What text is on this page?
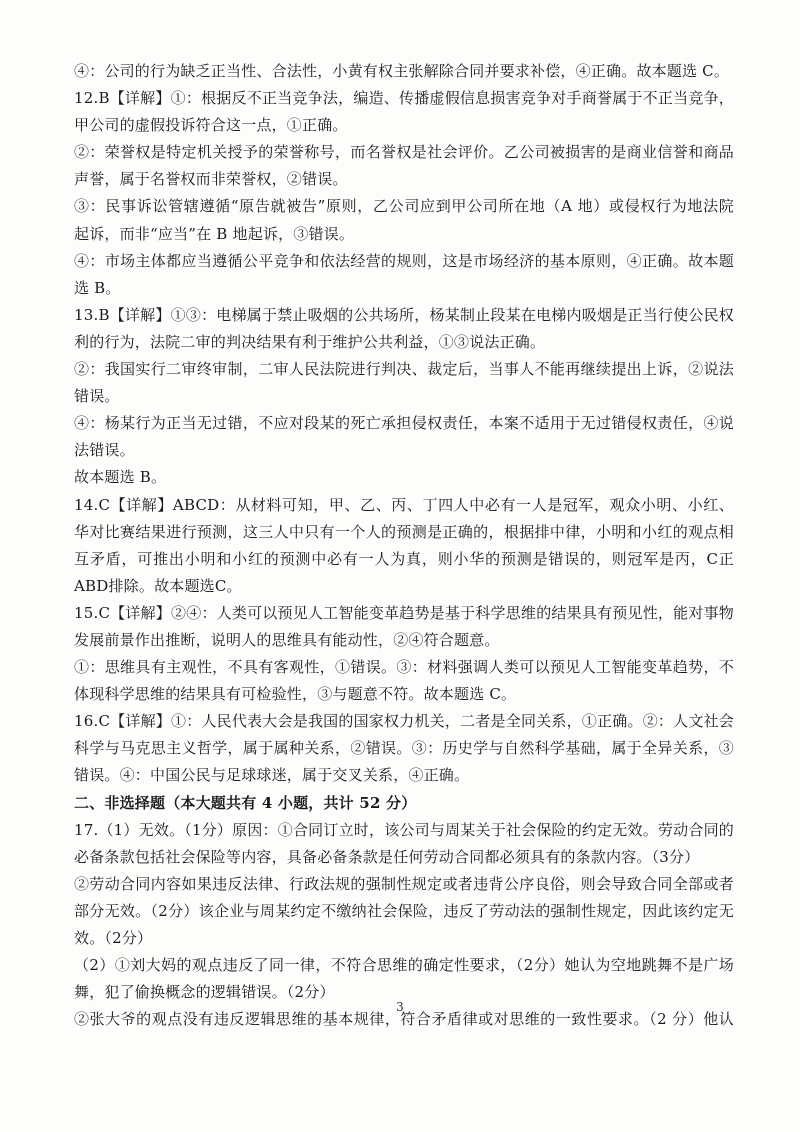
④：公司的行为缺乏正当性、合法性，小黄有权主张解除合同并要求补偿，④正确。故本题选 C。
12.B【详解】①：根据反不正当竞争法，编造、传播虚假信息损害竞争对手商誉属于不正当竞争，
甲公司的虚假投诉符合这一点，①正确。
②：荣誉权是特定机关授予的荣誉称号，而名誉权是社会评价。乙公司被损害的是商业信誉和商品
声誉，属于名誉权而非荣誉权，②错误。
③：民事诉讼管辖遵循“原告就被告”原则，乙公司应到甲公司所在地（A 地）或侵权行为地法院
起诉，而非“应当”在 B 地起诉，③错误。
④：市场主体都应当遵循公平竞争和依法经营的规则，这是市场经济的基本原则，④正确。故本题
选 B。
13.B【详解】①③：电梯属于禁止吸烟的公共场所，杨某制止段某在电梯内吸烟是正当行使公民权
利的行为，法院二审的判决结果有利于维护公共利益，①③说法正确。
②：我国实行二审终审制，二审人民法院进行判决、裁定后，当事人不能再继续提出上诉，②说法
错误。
④：杨某行为正当无过错，不应对段某的死亡承担侵权责任，本案不适用于无过错侵权责任，④说
法错误。
故本题选 B。
14.C【详解】ABCD：从材料可知，甲、乙、丙、丁四人中必有一人是冠军，观众小明、小红、
华对比赛结果进行预测，这三人中只有一个人的预测是正确的，根据排中律，小明和小红的观点相
互矛盾，可推出小明和小红的预测中必有一人为真，则小华的预测是错误的，则冠军是丙，C正
ABD排除。故本题选C。
15.C【详解】②④：人类可以预见人工智能变革趋势是基于科学思维的结果具有预见性，能对事物
发展前景作出推断，说明人的思维具有能动性，②④符合题意。
①：思维具有主观性，不具有客观性，①错误。③：材料强调人类可以预见人工智能变革趋势，不
体现科学思维的结果具有可检验性，③与题意不符。故本题选 C。
16.C【详解】①：人民代表大会是我国的国家权力机关，二者是全同关系，①正确。②：人文社会
科学与马克思主义哲学，属于属种关系，②错误。③：历史学与自然科学基础，属于全异关系，③
错误。④：中国公民与足球球迷，属于交叉关系，④正确。
二、非选择题（本大题共有 4 小题，共计 52 分）
17.（1）无效。（1分）原因：①合同订立时，该公司与周某关于社会保险的约定无效。劳动合同的
必备条款包括社会保险等内容，具备必备条款是任何劳动合同都必须具有的条款内容。（3分）
②劳动合同内容如果违反法律、行政法规的强制性规定或者违背公序良俗，则会导致合同全部或者
部分无效。（2分）该企业与周某约定不缴纳社会保险，违反了劳动法的强制性规定，因此该约定无
效。（2分）
（2）①刘大妈的观点违反了同一律，不符合思维的确定性要求，（2分）她认为空地跳舞不是广场
舞，犯了偷换概念的逻辑错误。（2分）
②张大爷的观点没有违反逻辑思维的基本规律，符合矛盾律或对思维的一致性要求。（2 分）他认
3
